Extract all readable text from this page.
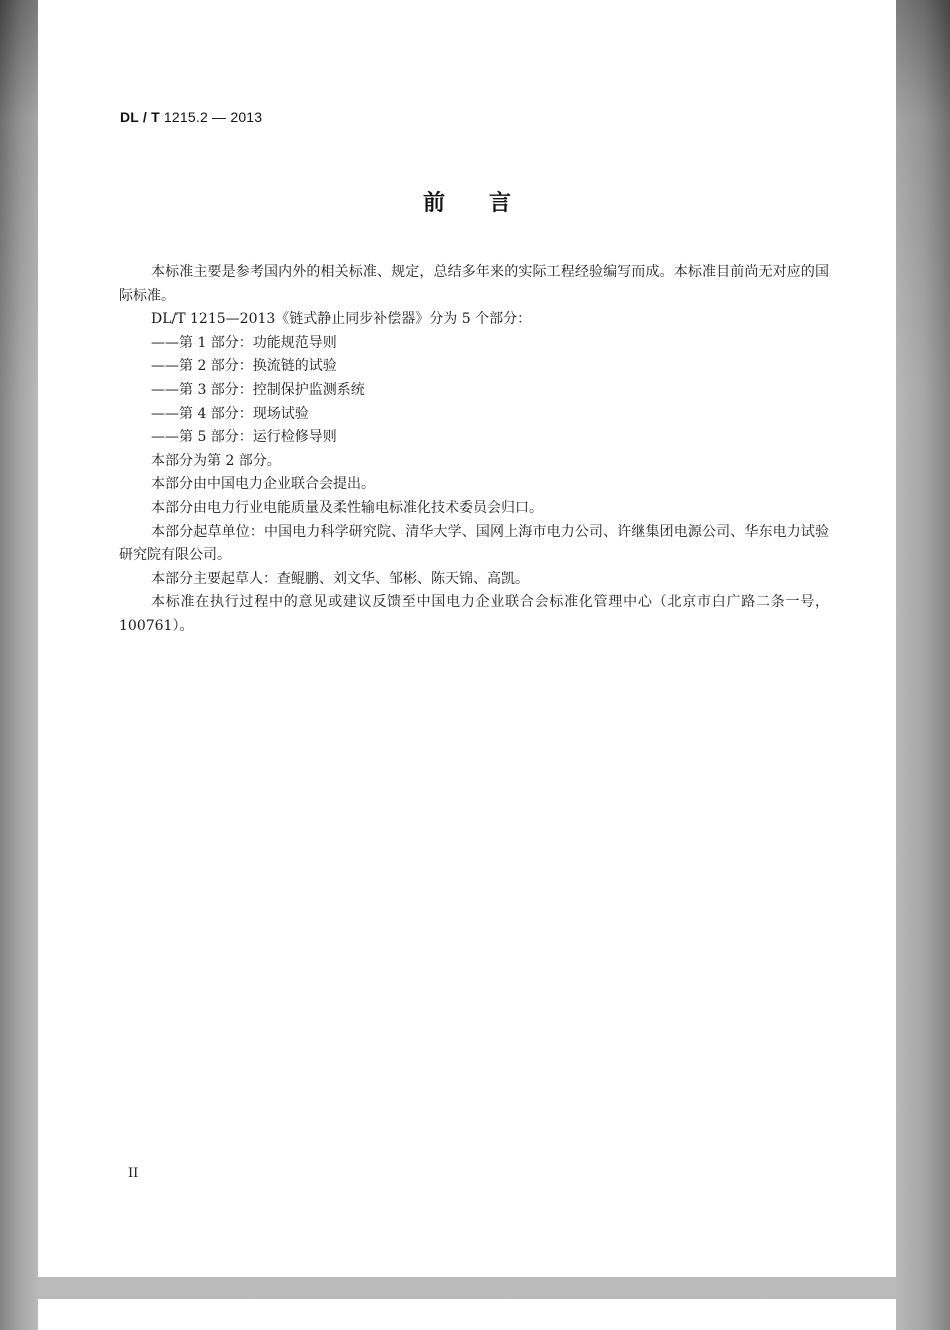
DL / T 1215.2 — 2013
前言

本标准主要是参考国内外的相关标准、规定，总结多年来的实际工程经验编写而成。本标准目前尚无对应的国际标准。

DL/T 1215—2013《链式静止同步补偿器》分为 5 个部分：

——第 1 部分：功能规范导则

——第 2 部分：换流链的试验

——第 3 部分：控制保护监测系统

——第 4 部分：现场试验

——第 5 部分：运行检修导则

本部分为第 2 部分。

本部分由中国电力企业联合会提出。

本部分由电力行业电能质量及柔性输电标准化技术委员会归口。

本部分起草单位：中国电力科学研究院、清华大学、国网上海市电力公司、许继集团电源公司、华东电力试验研究院有限公司。

本部分主要起草人：查鲲鹏、刘文华、邹彬、陈天锦、高凯。

本标准在执行过程中的意见或建议反馈至中国电力企业联合会标准化管理中心（北京市白广路二条一号，100761）。

II
